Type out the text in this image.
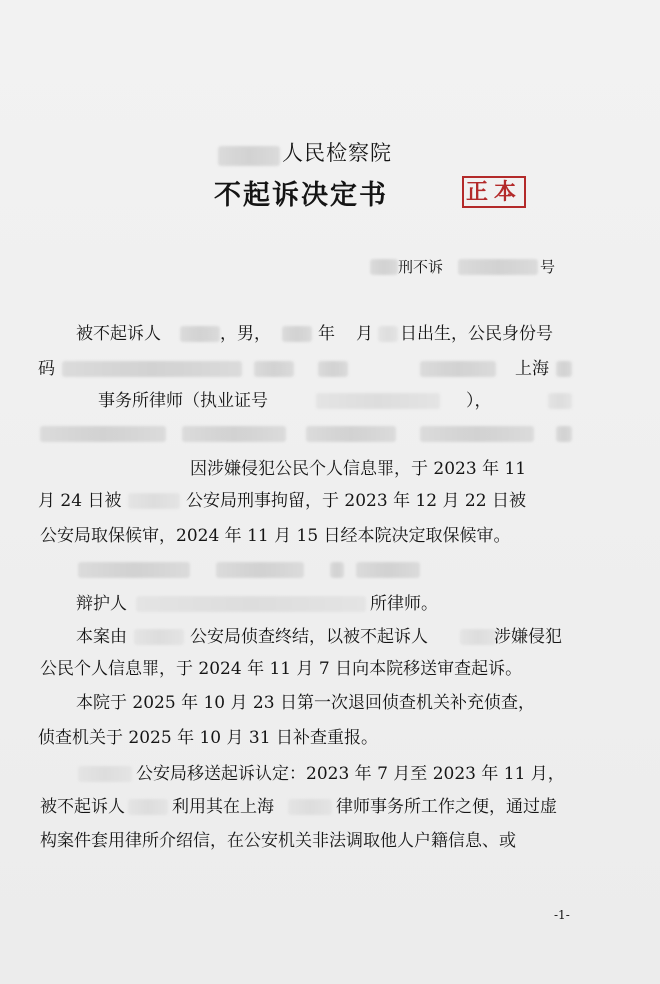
人民检察院
不起诉决定书	正本
刑不诉	号
被不起诉人	，男，	年 月 日出生，公民身份号
码	上海
事务所律师（执业证号	），
因涉嫌侵犯公民个人信息罪，于 2023 年 11
月 24 日被	公安局刑事拘留，于 2023 年 12 月 22 日被
公安局取保候审，2024 年 11 月 15 日经本院决定取保候审。
辩护人	所律师。
本案由	公安局侦查终结，以被不起诉人	涉嫌侵犯
公民个人信息罪，于 2024 年 11 月 7 日向本院移送审查起诉。
本院于 2025 年 10 月 23 日第一次退回侦查机关补充侦查，
侦查机关于 2025 年 10 月 31 日补查重报。
公安局移送起诉认定：2023 年 7 月至 2023 年 11 月，
被不起诉人	利用其在上海	律师事务所工作之便，通过虚
构案件套用律所介绍信，在公安机关非法调取他人户籍信息、或
-1-
